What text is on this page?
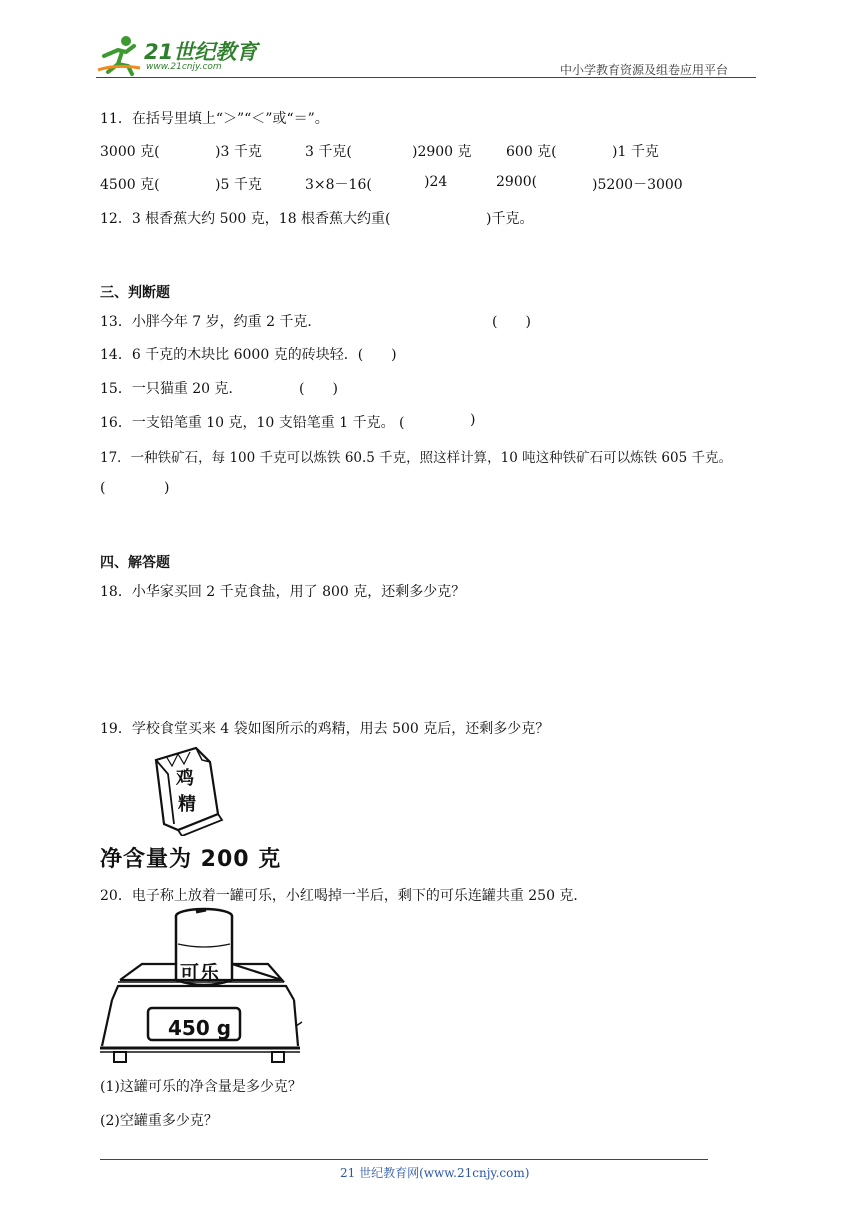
21世纪教育
www.21cnjy.com	中小学教育资源及组卷应用平台
11．在括号里填上“＞”“＜”或“＝”。
3000 克(	)3 千克	3 千克(	)2900 克 600 克(	)1 千克
4500 克(	)5 千克	3×8－16(	)24	2900(	)5200－3000
12．3 根香蕉大约 500 克，18 根香蕉大约重(	)千克。
三、判断题
13．小胖今年 7 岁，约重 2 千克．	(　　)
14．6 千克的木块比 6000 克的砖块轻．(　　)
15．一只猫重 20 克．	(　　)
16．一支铅笔重 10 克，10 支铅笔重 1 千克。 (	)
17．一种铁矿石，每 100 千克可以炼铁 60.5 千克，照这样计算，10 吨这种铁矿石可以炼铁 605 千克。
(	)
四、解答题
18．小华家买回 2 千克食盐，用了 800 克，还剩多少克？
19．学校食堂买来 4 袋如图所示的鸡精，用去 500 克后，还剩多少克？
鸡
精
净含量为 200 克
20．电子称上放着一罐可乐，小红喝掉一半后，剩下的可乐连罐共重 250 克．
可乐
450 g
(1)这罐可乐的净含量是多少克？
(2)空罐重多少克？
21 世纪教育网(www.21cnjy.com)
